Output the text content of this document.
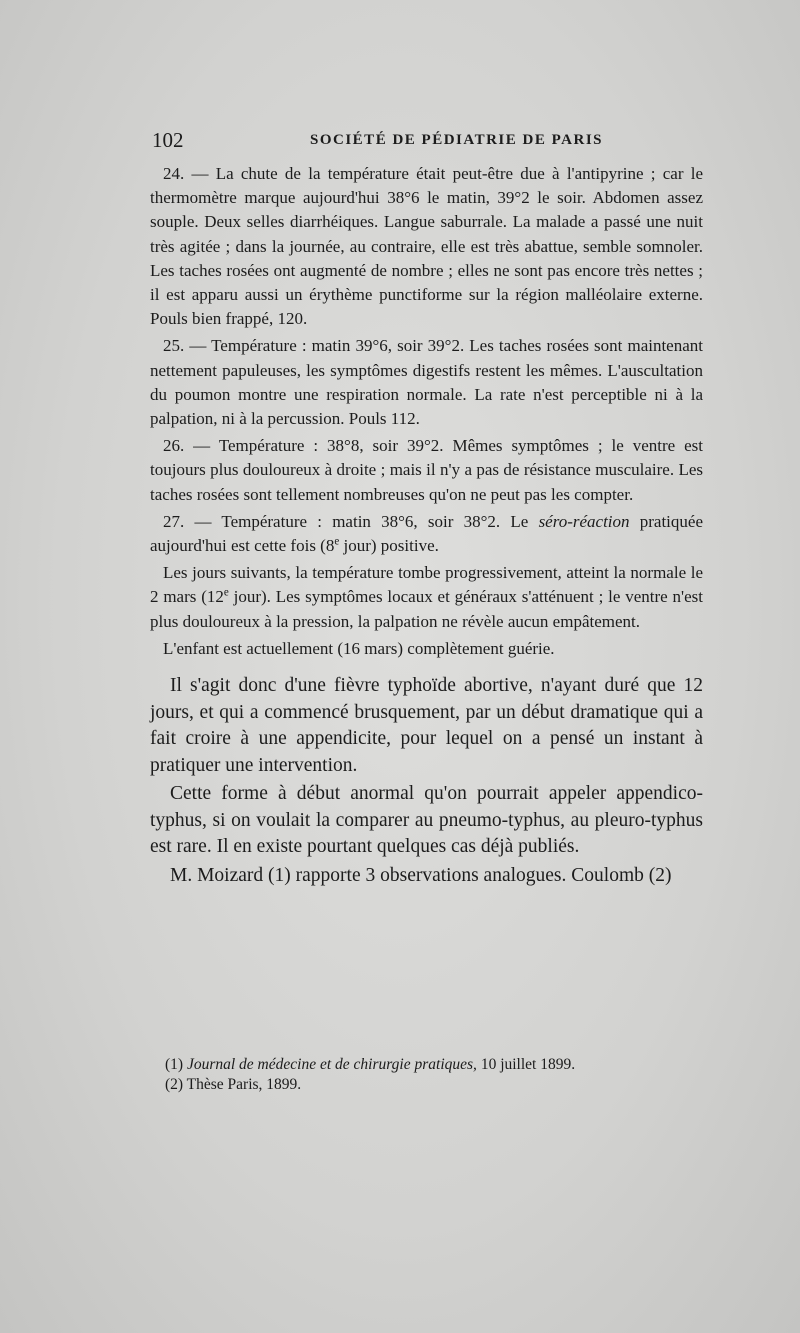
102	SOCIÉTÉ DE PÉDIATRIE DE PARIS

24. — La chute de la température était peut-être due à l'antipyrine ; car le thermomètre marque aujourd'hui 38°6 le matin, 39°2 le soir. Abdomen assez souple. Deux selles diarrhéiques. Langue saburrale. La malade a passé une nuit très agitée ; dans la journée, au contraire, elle est très abattue, semble somnoler. Les taches rosées ont augmenté de nombre ; elles ne sont pas encore très nettes ; il est apparu aussi un érythème punctiforme sur la région malléolaire externe. Pouls bien frappé, 120.

25. — Température : matin 39°6, soir 39°2. Les taches rosées sont maintenant nettement papuleuses, les symptômes digestifs restent les mêmes. L'auscultation du poumon montre une respiration normale. La rate n'est perceptible ni à la palpation, ni à la percussion. Pouls 112.

26. — Température : 38°8, soir 39°2. Mêmes symptômes ; le ventre est toujours plus douloureux à droite ; mais il n'y a pas de résistance musculaire. Les taches rosées sont tellement nombreuses qu'on ne peut pas les compter.

27. — Température : matin 38°6, soir 38°2. Le séro-réaction pratiquée aujourd'hui est cette fois (8e jour) positive.

Les jours suivants, la température tombe progressivement, atteint la normale le 2 mars (12e jour). Les symptômes locaux et généraux s'atténuent ; le ventre n'est plus douloureux à la pression, la palpation ne révèle aucun empâtement.

L'enfant est actuellement (16 mars) complètement guérie.

Il s'agit donc d'une fièvre typhoïde abortive, n'ayant duré que 12 jours, et qui a commencé brusquement, par un début dramatique qui a fait croire à une appendicite, pour lequel on a pensé un instant à pratiquer une intervention.

Cette forme à début anormal qu'on pourrait appeler appendico-typhus, si on voulait la comparer au pneumo-typhus, au pleuro-typhus est rare. Il en existe pourtant quelques cas déjà publiés.

M. Moizard (1) rapporte 3 observations analogues. Coulomb (2)

(1) Journal de médecine et de chirurgie pratiques, 10 juillet 1899.

(2) Thèse Paris, 1899.
